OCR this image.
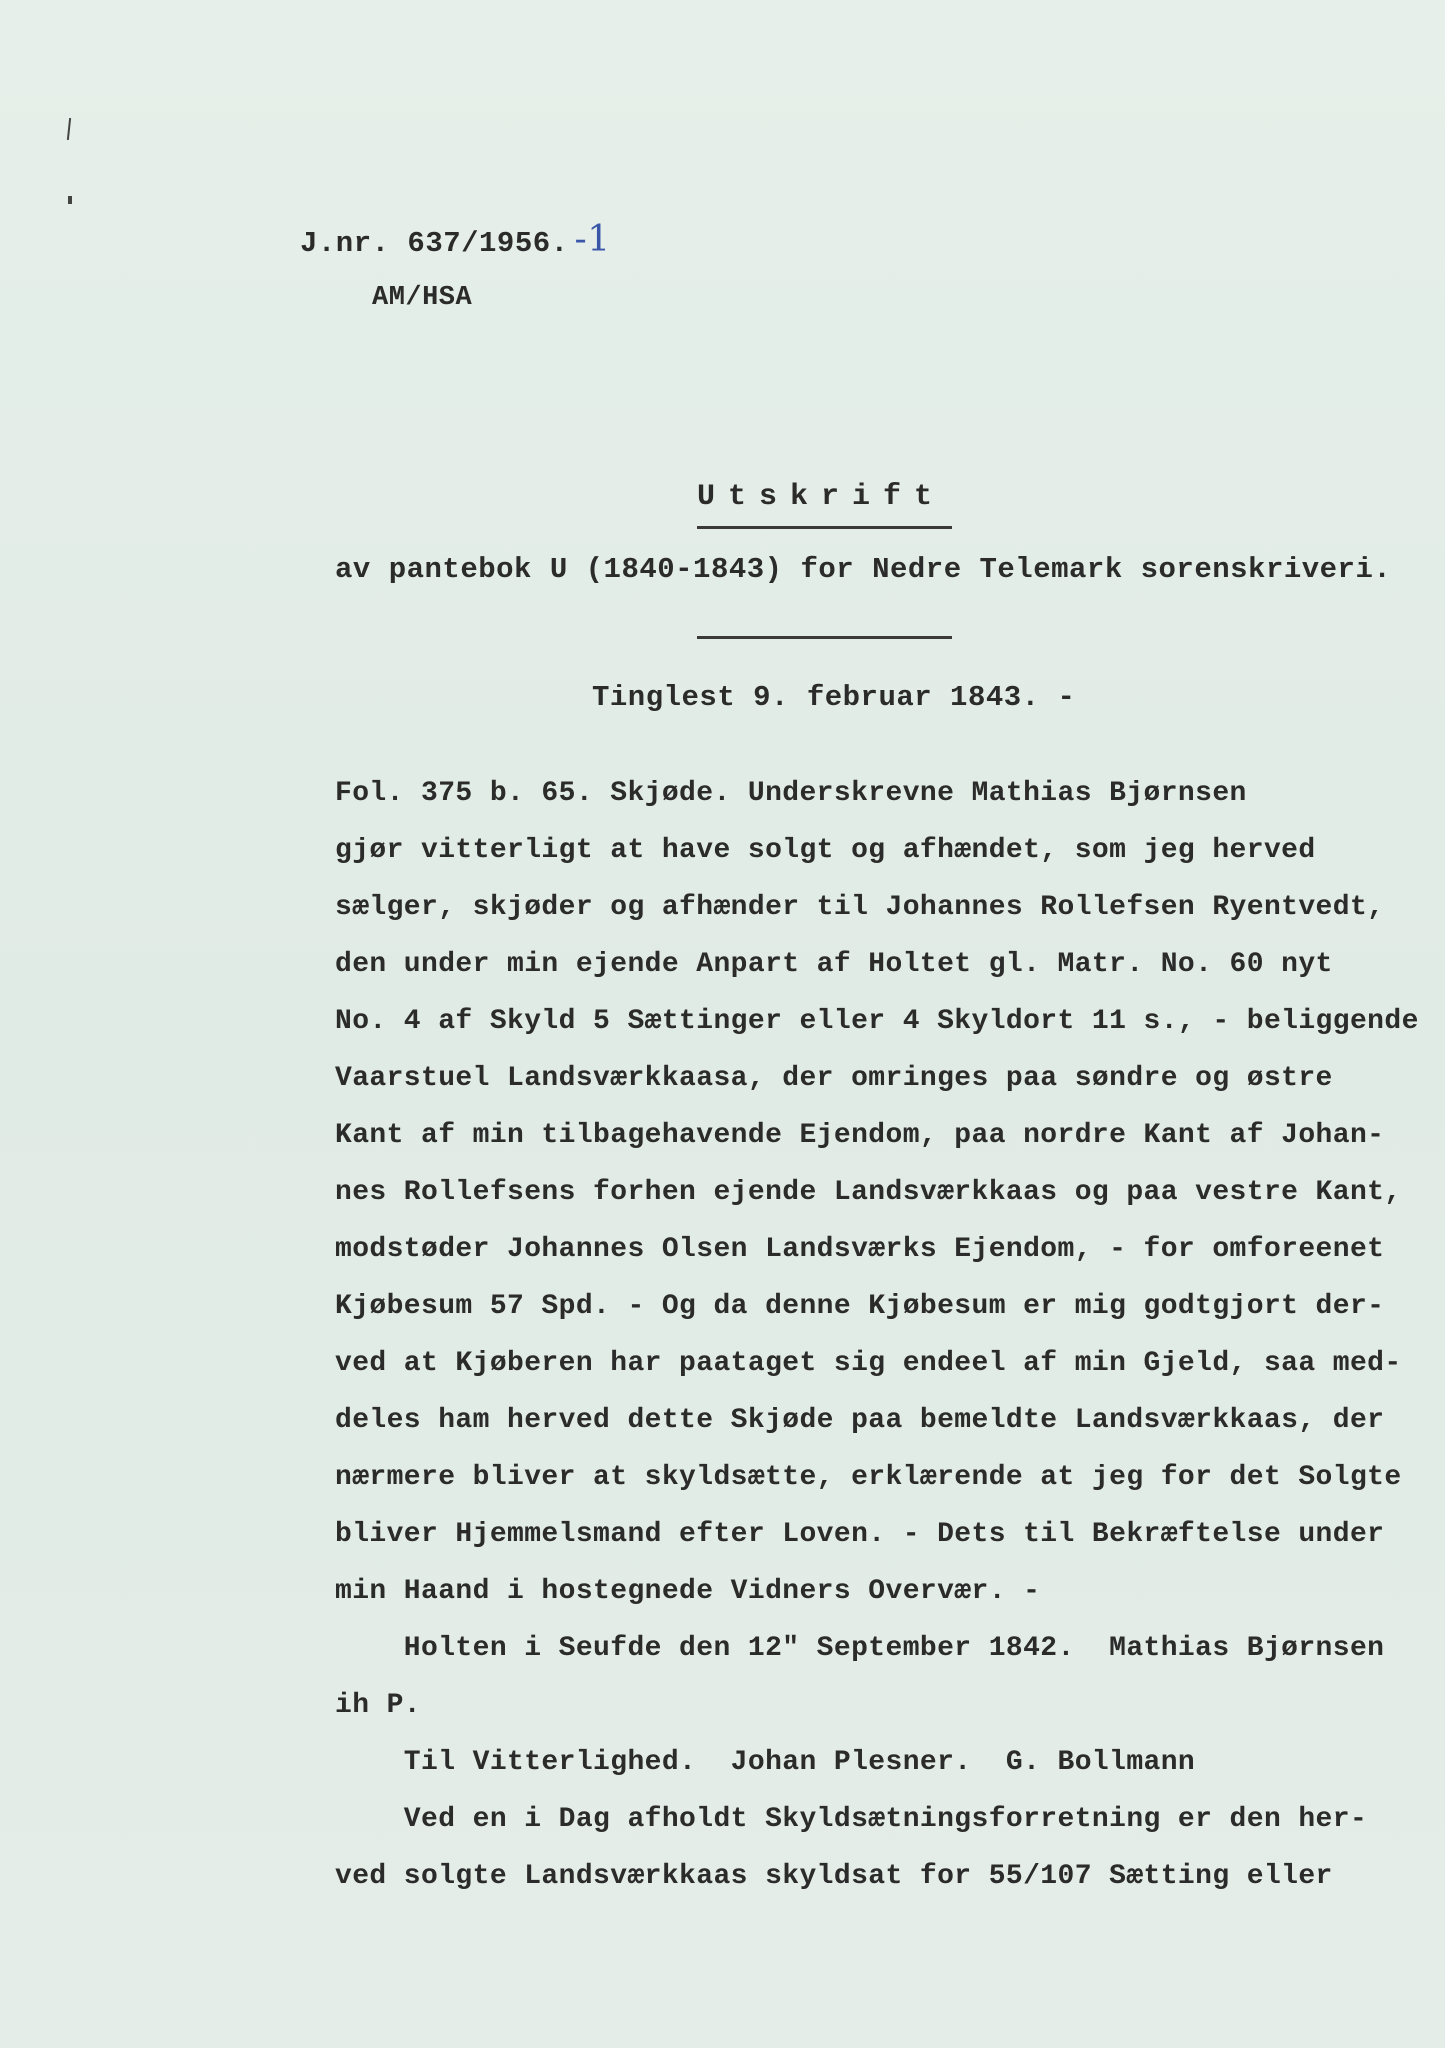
J.nr. 637/1956. -1
AM/HSA
Utskrift
av pantebok U (1840-1843) for Nedre Telemark sorenskriveri.
Tinglest 9. februar 1843. -
Fol. 375 b. 65. Skjøde. Underskrevne Mathias Bjørnsen
gjør vitterligt at have solgt og afhændet, som jeg herved
sælger, skjøder og afhænder til Johannes Rollefsen Ryentvedt,
den under min ejende Anpart af Holtet gl. Matr. No. 60 nyt
No. 4 af Skyld 5 Sættinger eller 4 Skyldort 11 s., - beliggende
Vaarstuel Landsværkkaasa, der omringes paa søndre og østre
Kant af min tilbagehavende Ejendom, paa nordre Kant af Johan-
nes Rollefsens forhen ejende Landsværkkaas og paa vestre Kant,
modstøder Johannes Olsen Landsværks Ejendom, - for omforeenet
Kjøbesum 57 Spd. - Og da denne Kjøbesum er mig godtgjort der-
ved at Kjøberen har paataget sig endeel af min Gjeld, saa med-
deles ham herved dette Skjøde paa bemeldte Landsværkkaas, der
nærmere bliver at skyldsætte, erklærende at jeg for det Solgte
bliver Hjemmelsmand efter Loven. - Dets til Bekræftelse under
min Haand i hostegnede Vidners Overvær. -
Holten i Seufde den 12" September 1842.  Mathias Bjørnsen
ih P.
Til Vitterlighed.  Johan Plesner.  G. Bollmann
Ved en i Dag afholdt Skyldsætningsforretning er den her-
ved solgte Landsværkkaas skyldsat for 55/107 Sætting eller
